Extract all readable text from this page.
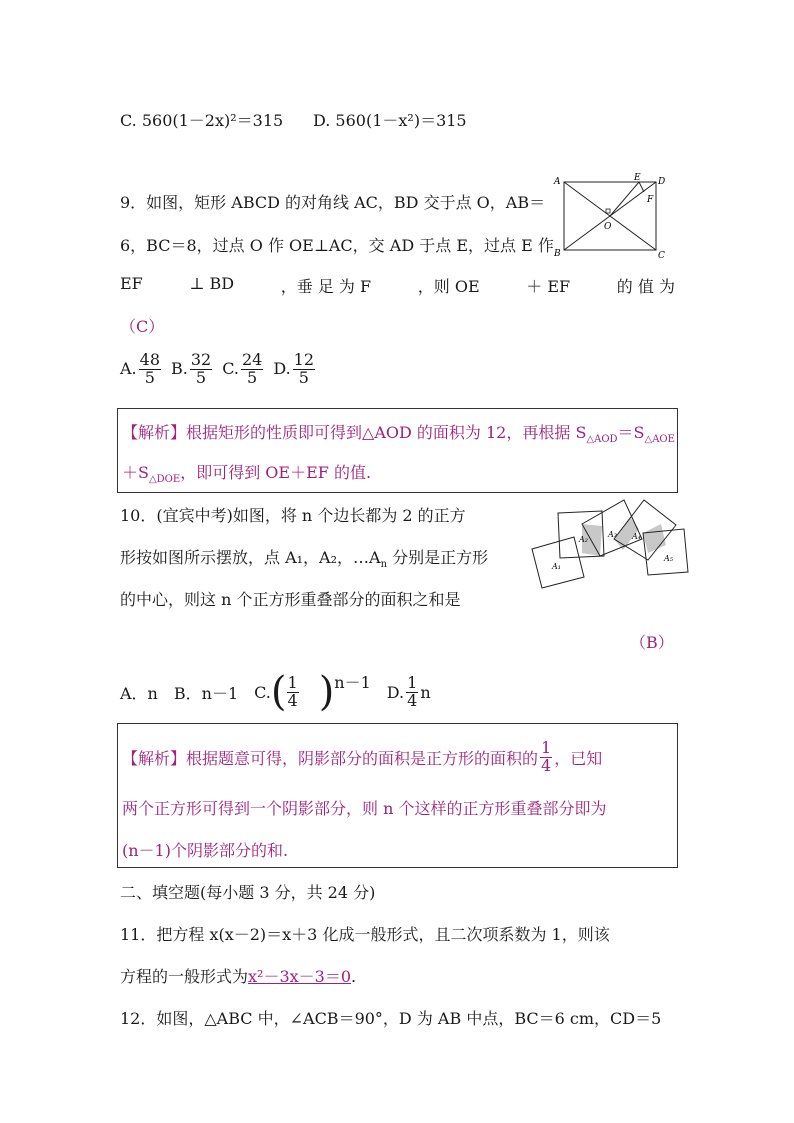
C. 560(1－2x)²＝315 D. 560(1－x²)＝315
9．如图，矩形 ABCD 的对角线 AC，BD 交于点 O，AB＝
6，BC＝8，过点 O 作 OE⊥AC，交 AD 于点 E，过点 E 作
EF	⊥ BD	，垂 足 为 F	，则 OE	＋ EF	的 值 为
（C）
A. $\frac{48}{5} B$. $\frac{32}{5} C$. $\frac{24}{5} D$. $\frac{12}{5}$
A
B	C
D
E
F
O
【解析】根据矩形的性质即可得到△AOD 的面积为 12，再根据 $S_{\triangle AOD}=S_{\triangle AOE}$
$+S_{\triangle DOE}$，即可得到 OE＋EF 的值.
10．(宜宾中考)如图，将 n 个边长都为 2 的正方
形按如图所示摆放，点 A₁，A₂，$\dots A_n$ 分别是正方形
的中心，则这 n 个正方形重叠部分的面积之和是
（B）
A₁
A₂
A₃ A₄
A₅
A．n B．n－1 C. ( $\frac{1}{4}$ ) n－1 D. $\frac{1}{4}$ n
【解析】 根据题意可得，阴影部分的面积是正方形的面积的 $\frac{1}{4}$ ，已知
两个正方形可得到一个阴影部分，则 n 个这样的正方形重叠部分即为
(n－1)个阴影部分的和.
二、填空题(每小题 3 分，共 24 分)
11．把方程 x(x－2)＝x＋3 化成一般形式，且二次项系数为 1，则该
方程的一般形式为x²－3x－3＝0.
12．如图，△ABC 中，∠ACB＝90°，D 为 AB 中点，BC＝6 cm，CD＝5
